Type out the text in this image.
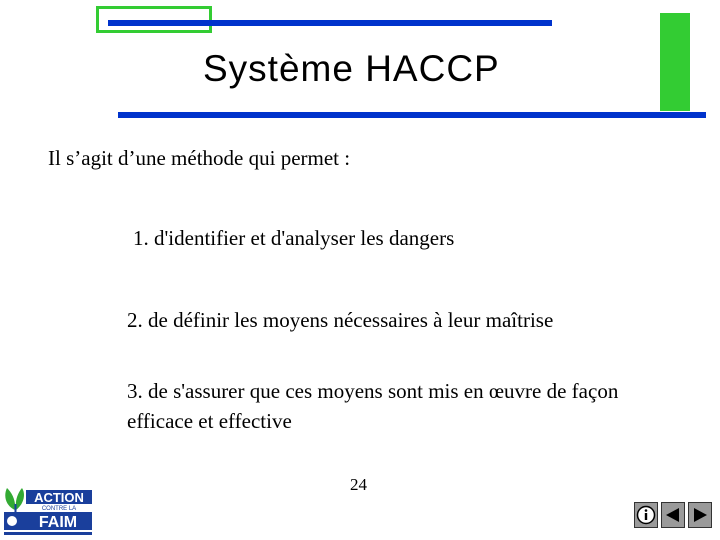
Système HACCP
Il s’agit d’une méthode qui permet :
1. d'identifier et d'analyser les dangers
2. de définir les moyens nécessaires à leur maîtrise
3. de s'assurer que ces moyens sont mis en œuvre de façon efficace et effective
24
ACTION
CONTRE LA
FAIM
